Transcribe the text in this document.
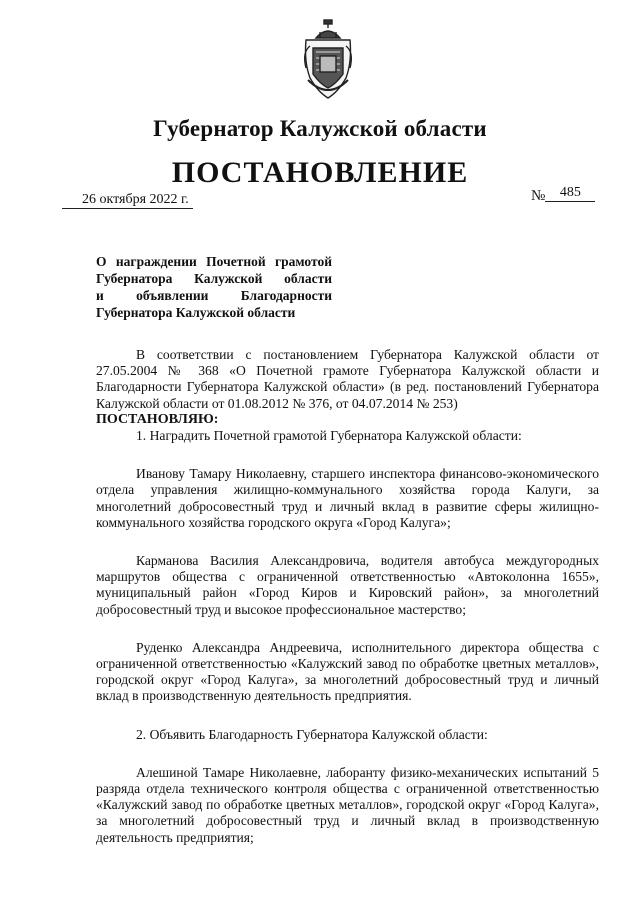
Губернатор Калужской области
ПОСТАНОВЛЕНИЕ
26 октября 2022 г.	№ 485
О награждении Почетной грамотой
Губернатора Калужской области
и объявлении Благодарности
Губернатора Калужской области

В соответствии с постановлением Губернатора Калужской области от 27.05.2004 № 368 «О Почетной грамоте Губернатора Калужской области и Благодарности Губернатора Калужской области» (в ред. постановлений Губернатора Калужской области от 01.08.2012 № 376, от 04.07.2014 № 253)

ПОСТАНОВЛЯЮ:

1. Наградить Почетной грамотой Губернатора Калужской области:

Иванову Тамару Николаевну, старшего инспектора финансово-экономического отдела управления жилищно-коммунального хозяйства города Калуги, за многолетний добросовестный труд и личный вклад в развитие сферы жилищно-коммунального хозяйства городского округа «Город Калуга»;

Карманова Василия Александровича, водителя автобуса междугородных маршрутов общества с ограниченной ответственностью «Автоколонна 1655», муниципальный район «Город Киров и Кировский район», за многолетний добросовестный труд и высокое профессиональное мастерство;

Руденко Александра Андреевича, исполнительного директора общества с ограниченной ответственностью «Калужский завод по обработке цветных металлов», городской округ «Город Калуга», за многолетний добросовестный труд и личный вклад в производственную деятельность предприятия.

2. Объявить Благодарность Губернатора Калужской области:

Алешиной Тамаре Николаевне, лаборанту физико-механических испытаний 5 разряда отдела технического контроля общества с ограниченной ответственностью «Калужский завод по обработке цветных металлов», городской округ «Город Калуга», за многолетний добросовестный труд и личный вклад в производственную деятельность предприятия;
